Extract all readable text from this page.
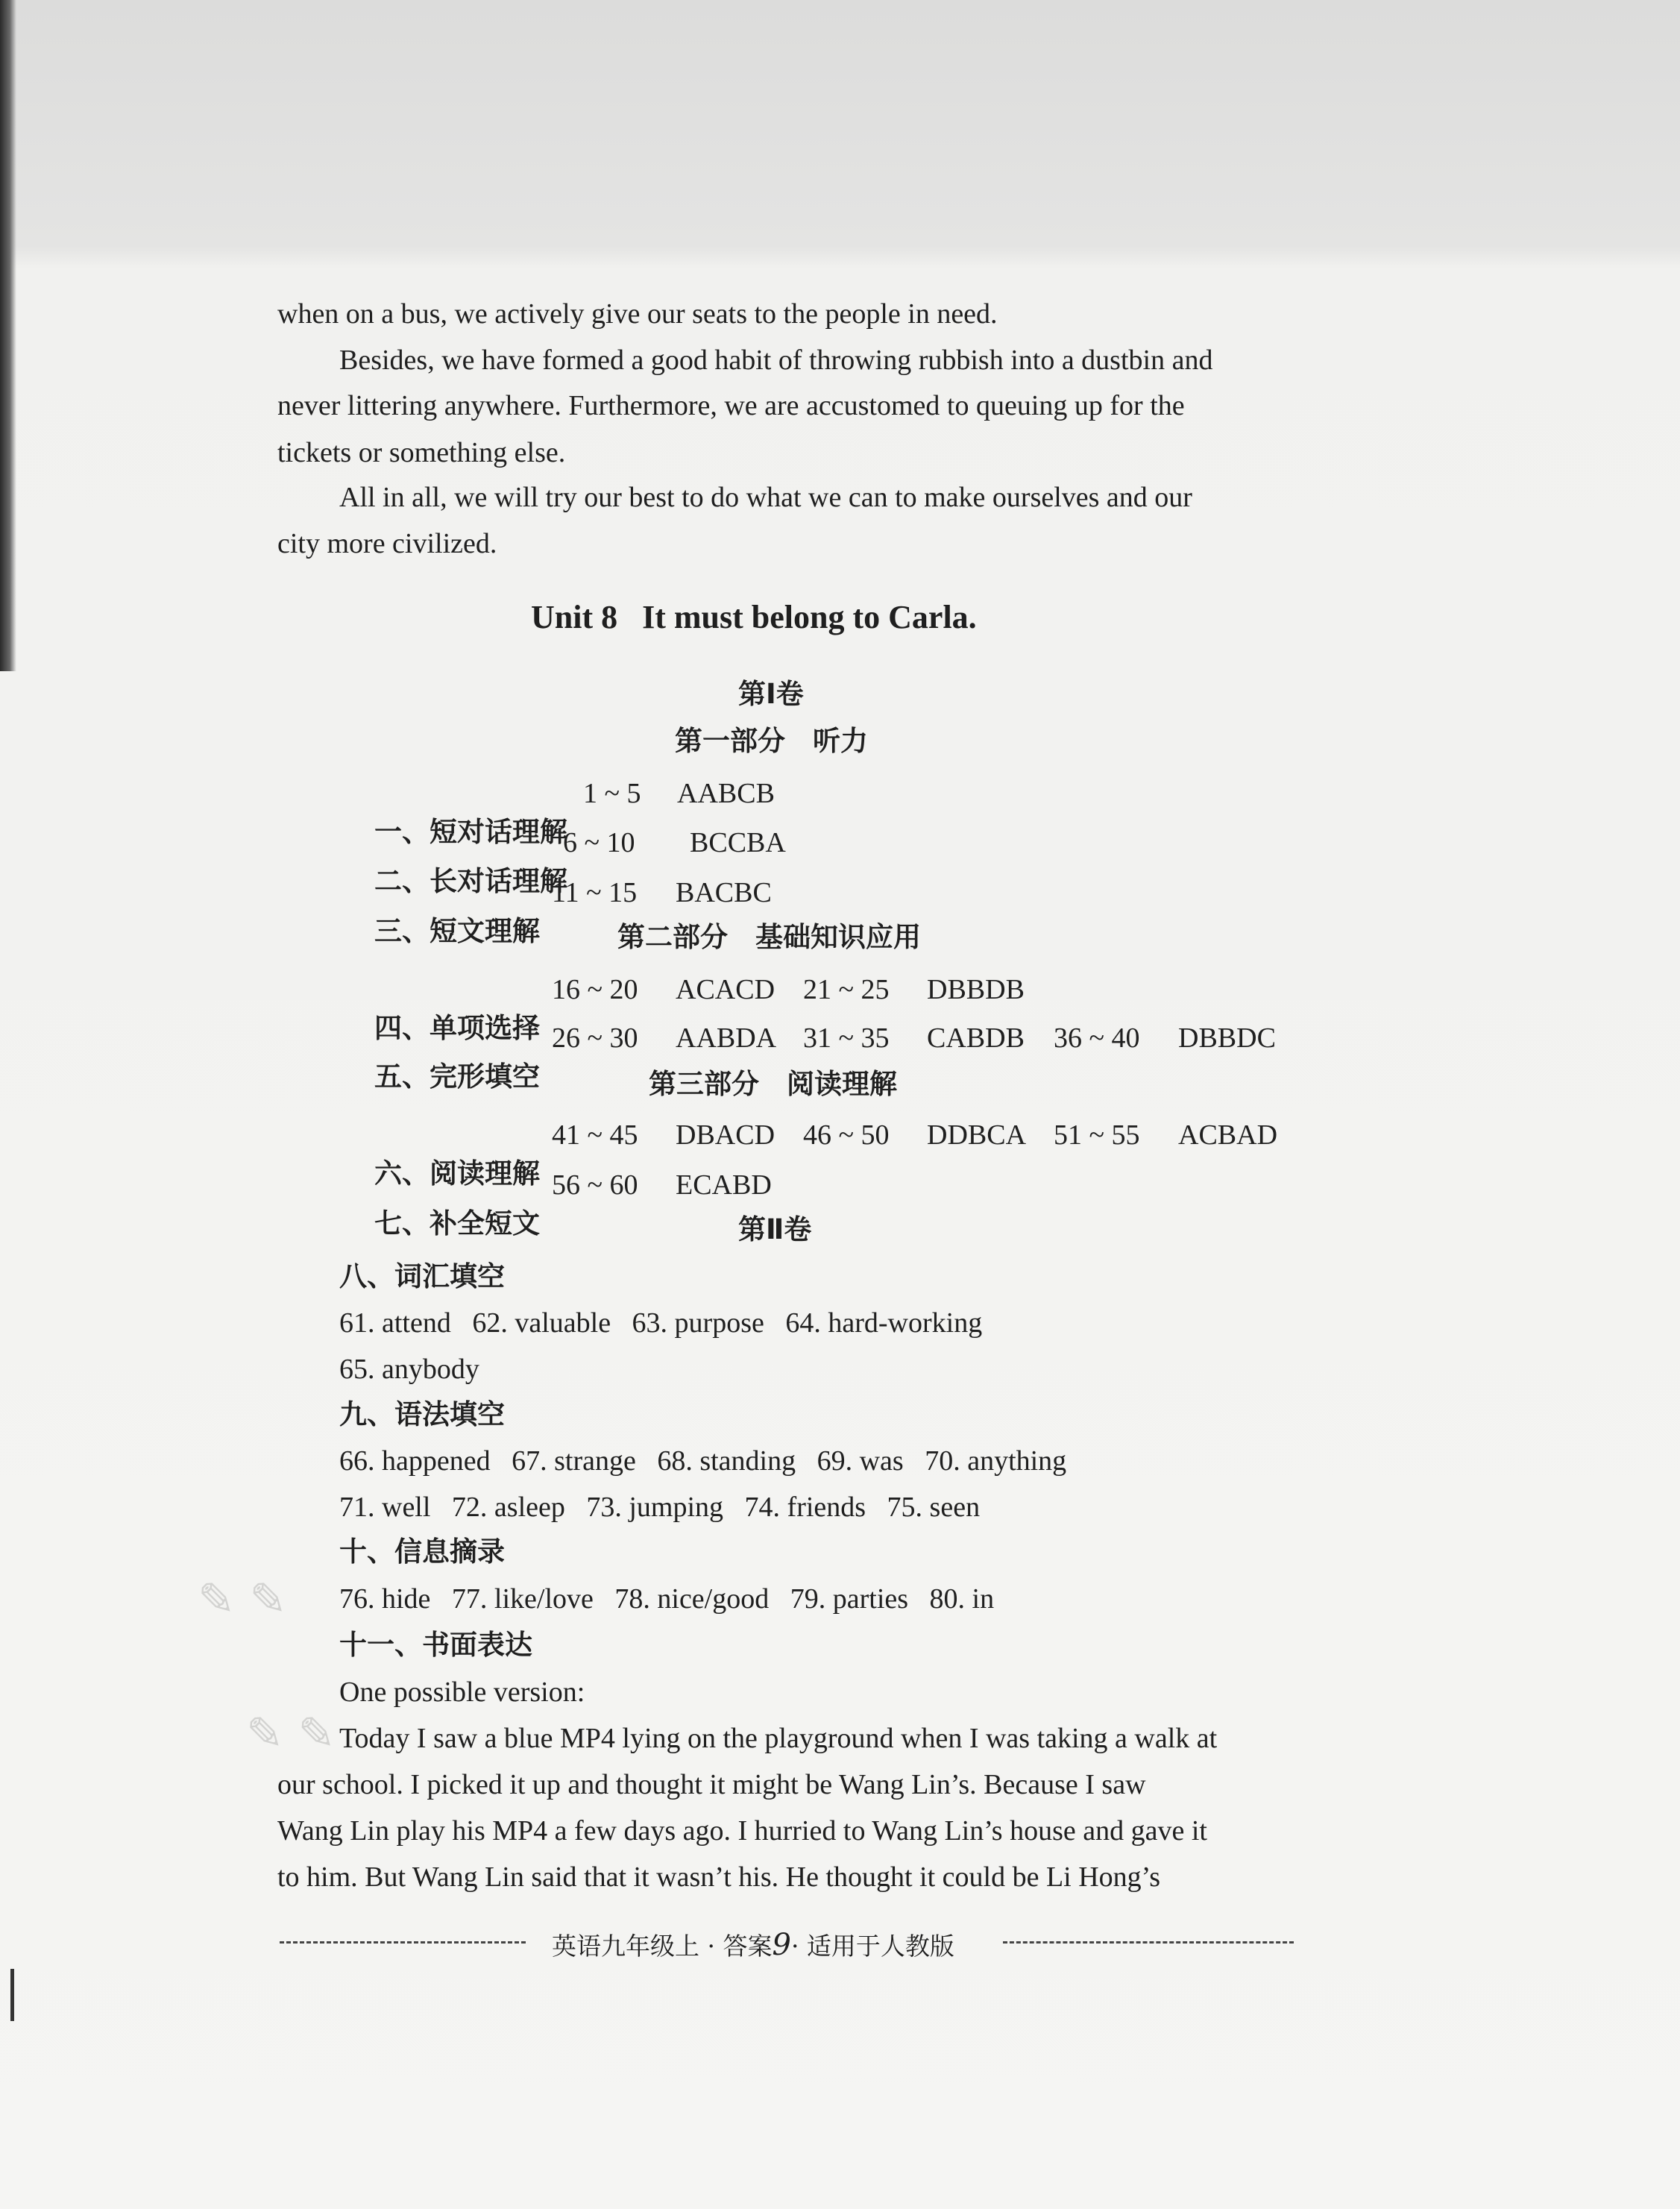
when on a bus, we actively give our seats to the people in need.
Besides, we have formed a good habit of throwing rubbish into a dustbin and
never littering anywhere. Furthermore, we are accustomed to queuing up for the
tickets or something else.
All in all, we will try our best to do what we can to make ourselves and our
city more civilized.
Unit 8   It must belong to Carla.
第Ⅰ卷
第一部分　听力

一、短对话理解

1 ~ 5 AABCB

二、长对话理解

6 ~ 10 BCCBA

三、短文理解

11 ~ 15 BACBC
第二部分　基础知识应用

四、单项选择

16 ~ 20 ACACD 21 ~ 25 DBBDB

五、完形填空

26 ~ 30 AABDA 31 ~ 35 CABDB 36 ~ 40 DBBDC
第三部分　阅读理解

六、阅读理解

41 ~ 45 DBACD 46 ~ 50 DDBCA 51 ~ 55 ACBAD

七、补全短文

56 ~ 60 ECABD
第Ⅱ卷
八、词汇填空
61. attend   62. valuable   63. purpose   64. hard-working
65. anybody
九、语法填空
66. happened   67. strange   68. standing   69. was   70. anything
71. well   72. asleep   73. jumping   74. friends   75. seen
十、信息摘录
76. hide   77. like/love   78. nice/good   79. parties   80. in
十一、书面表达
One possible version:
Today I saw a blue MP4 lying on the playground when I was taking a walk at
our school. I picked it up and thought it might be Wang Lin’s. Because I saw
Wang Lin play his MP4 a few days ago. I hurried to Wang Lin’s house and gave it
to him. But Wang Lin said that it wasn’t his. He thought it could be Li Hong’s
✎ ✎
✎ ✎
英语九年级上 · 答案9· 适用于人教版
